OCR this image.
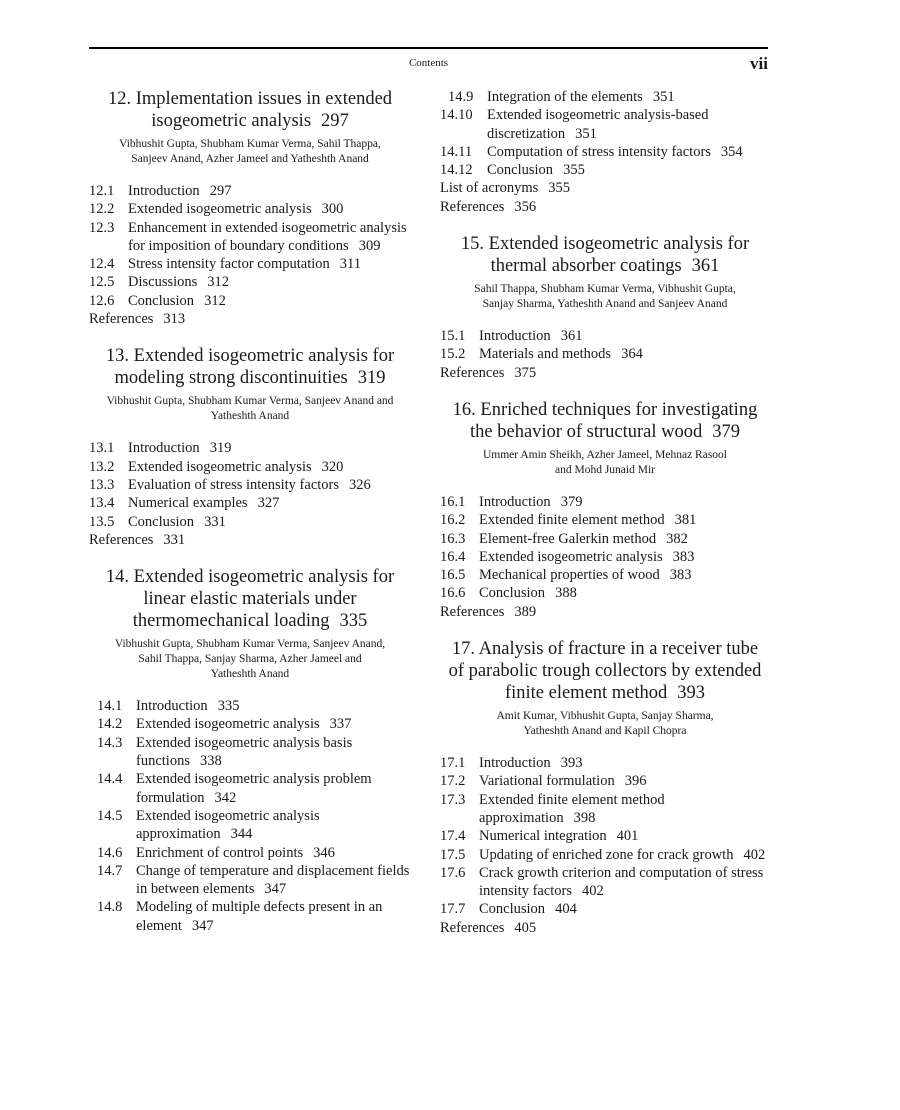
Contents	vii
12. Implementation issues in extended
isogeometric analysis 297
Vibhushit Gupta, Shubham Kumar Verma, Sahil Thappa,
Sanjeev Anand, Azher Jameel and Yatheshth Anand
12.1 Introduction 297
12.2 Extended isogeometric analysis 300
12.3 Enhancement in extended isogeometric analysis for imposition of boundary conditions 309
12.4 Stress intensity factor computation 311
12.5 Discussions 312
12.6 Conclusion 312
References 313
13. Extended isogeometric analysis for
modeling strong discontinuities 319
Vibhushit Gupta, Shubham Kumar Verma, Sanjeev Anand and
Yatheshth Anand
13.1 Introduction 319
13.2 Extended isogeometric analysis 320
13.3 Evaluation of stress intensity factors 326
13.4 Numerical examples 327
13.5 Conclusion 331
References 331
14. Extended isogeometric analysis for
linear elastic materials under
thermomechanical loading 335
Vibhushit Gupta, Shubham Kumar Verma, Sanjeev Anand,
Sahil Thappa, Sanjay Sharma, Azher Jameel and
Yatheshth Anand
14.1 Introduction 335
14.2 Extended isogeometric analysis 337
14.3 Extended isogeometric analysis basis functions 338
14.4 Extended isogeometric analysis problem formulation 342
14.5 Extended isogeometric analysis approximation 344
14.6 Enrichment of control points 346
14.7 Change of temperature and displacement fields in between elements 347
14.8 Modeling of multiple defects present in an element 347
14.9 Integration of the elements 351
14.10 Extended isogeometric analysis-based discretization 351
14.11 Computation of stress intensity factors 354
14.12 Conclusion 355
List of acronyms 355
References 356
15. Extended isogeometric analysis for
thermal absorber coatings 361
Sahil Thappa, Shubham Kumar Verma, Vibhushit Gupta,
Sanjay Sharma, Yatheshth Anand and Sanjeev Anand
15.1 Introduction 361
15.2 Materials and methods 364
References 375
16. Enriched techniques for investigating
the behavior of structural wood 379
Ummer Amin Sheikh, Azher Jameel, Mehnaz Rasool
and Mohd Junaid Mir
16.1 Introduction 379
16.2 Extended finite element method 381
16.3 Element-free Galerkin method 382
16.4 Extended isogeometric analysis 383
16.5 Mechanical properties of wood 383
16.6 Conclusion 388
References 389
17. Analysis of fracture in a receiver tube
of parabolic trough collectors by extended
finite element method 393
Amit Kumar, Vibhushit Gupta, Sanjay Sharma,
Yatheshth Anand and Kapil Chopra
17.1 Introduction 393
17.2 Variational formulation 396
17.3 Extended finite element method approximation 398
17.4 Numerical integration 401
17.5 Updating of enriched zone for crack growth 402
17.6 Crack growth criterion and computation of stress intensity factors 402
17.7 Conclusion 404
References 405
